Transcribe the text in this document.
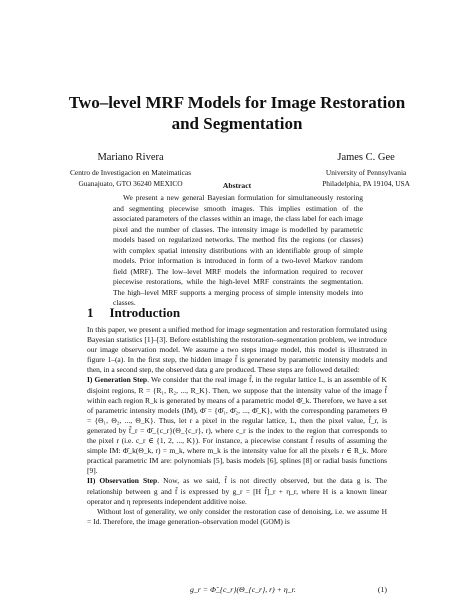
Two–level MRF Models for Image Restoration
and Segmentation
Mariano Rivera
Centro de Investigacion en Mateimaticas
Guanajuato, GTO 36240 MEXICO
James C. Gee
University of Pennsylvania
Philadelphia, PA 19104, USA
Abstract

We present a new general Bayesian formulation for simultaneously restoring and segmenting piecewise smooth images. This implies estimation of the associated parameters of the classes within an image, the class label for each image pixel and the number of classes. The intensity image is modelled by parametric models based on regularized networks. The method fits the regions (or classes) with complex spatial intensity distributions with an identifiable group of simple models. Prior information is introduced in form of a two-level Markov random field (MRF). The low–level MRF models the information required to recover piecewise restorations, while the high-level MRF constraints the segmentation. The high–level MRF supports a merging process of simple intensity models into classes.

1 Introduction

In this paper, we present a unified method for image segmentation and restoration formulated using Bayesian statistics [1]–[3]. Before establishing the restoration–segmentation problem, we introduce our image observation model. We assume a two steps image model, this model is illustrated in figure 1–(a). In the first step, the hidden image f̃ is generated by parametric intensity models and then, in a second step, the observed data g are produced. These steps are followed detailed:

I) Generation Step. We consider that the real image f̃, in the regular lattice L, is an assemble of K disjoint regions, R = {R₁, R₂, ..., R_K}. Then, we suppose that the intensity value of the image f̃ within each region R_k is generated by means of a parametric model Φ̂_k. Therefore, we have a set of parametric intensity models (IM), Φ̂ = {Φ̂₁, Φ̂₂, ..., Φ̂_K}, with the corresponding parameters Θ = {Θ₁, Θ₂, ..., Θ_K}. Thus, let r a pixel in the regular lattice, L, then the pixel value, f̃_r, is generated by f̃_r = Φ̂_{c_r}(Θ_{c_r}, r), where c_r is the index to the region that corresponds to the pixel r (i.e. c_r ∈ {1, 2, ..., K}). For instance, a piecewise constant f̃ results of assuming the simple IM: Φ̂_k(Θ_k, r) = m_k, where m_k is the intensity value for all the pixels r ∈ R_k. More practical parametric IM are: polynomials [5], basis models [6], splines [8] or radial basis functions [9].

II) Observation Step. Now, as we said, f̃ is not directly observed, but the data g is. The relationship between g and f̃ is expressed by g_r = [H f̃]_r + η_r, where H is a known linear operator and η represents independent additive noise.

Without lost of generality, we only consider the restoration case of denoising, i.e. we assume H = Id. Therefore, the image generation–observation model (GOM) is

g_r = Φ̂_{c_r}(Θ_{c_r}, r) + η_r.	(1)
